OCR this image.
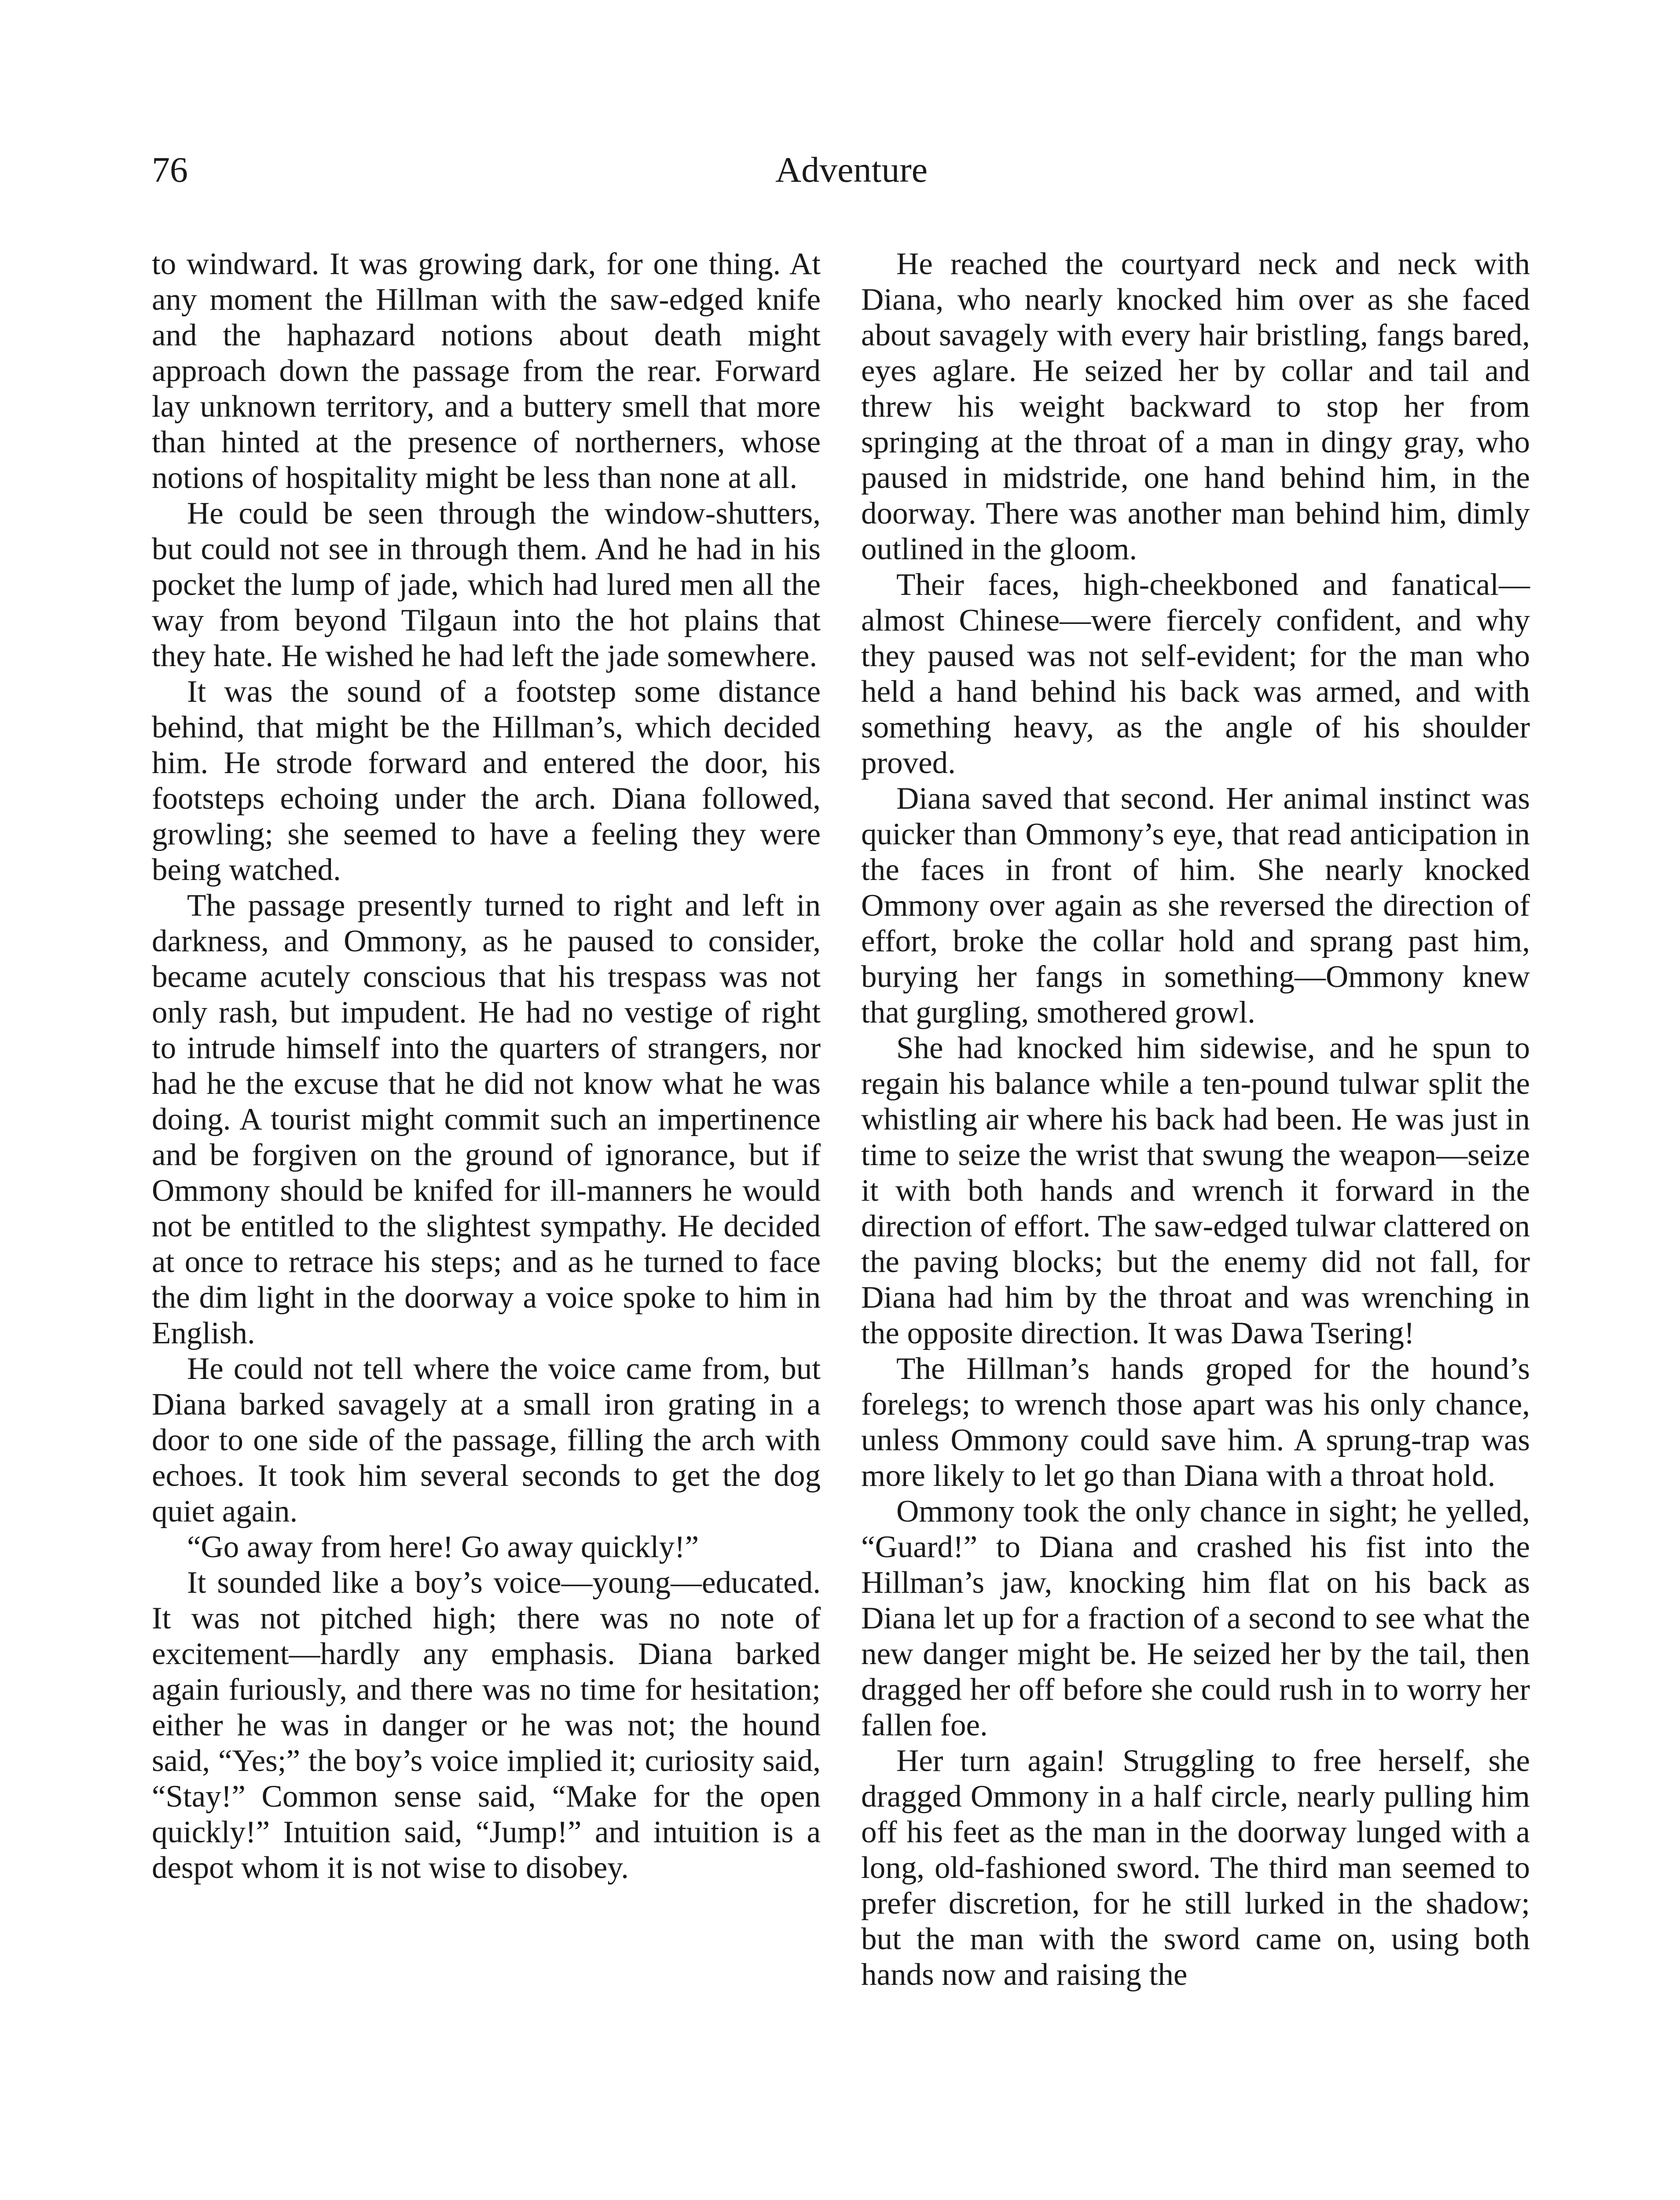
76	Adventure

to windward. It was growing dark, for one thing. At any moment the Hillman with the saw-edged knife and the haphazard notions about death might approach down the passage from the rear. Forward lay unknown territory, and a buttery smell that more than hinted at the presence of northerners, whose notions of hospitality might be less than none at all.

He could be seen through the window-shutters, but could not see in through them. And he had in his pocket the lump of jade, which had lured men all the way from beyond Tilgaun into the hot plains that they hate. He wished he had left the jade somewhere.

It was the sound of a footstep some distance behind, that might be the Hillman’s, which decided him. He strode forward and entered the door, his footsteps echoing under the arch. Diana followed, growling; she seemed to have a feeling they were being watched.

The passage presently turned to right and left in darkness, and Ommony, as he paused to consider, became acutely conscious that his trespass was not only rash, but impudent. He had no vestige of right to intrude himself into the quarters of strangers, nor had he the excuse that he did not know what he was doing. A tourist might commit such an impertinence and be forgiven on the ground of ignorance, but if Ommony should be knifed for ill-manners he would not be entitled to the slightest sympathy. He decided at once to retrace his steps; and as he turned to face the dim light in the doorway a voice spoke to him in English.

He could not tell where the voice came from, but Diana barked savagely at a small iron grating in a door to one side of the passage, filling the arch with echoes. It took him several seconds to get the dog quiet again.

“Go away from here! Go away quickly!”

It sounded like a boy’s voice—young—educated. It was not pitched high; there was no note of excitement—hardly any emphasis. Diana barked again furiously, and there was no time for hesitation; either he was in danger or he was not; the hound said, “Yes;” the boy’s voice implied it; curiosity said, “Stay!” Common sense said, “Make for the open quickly!” Intuition said, “Jump!” and intuition is a despot whom it is not wise to disobey.

He reached the courtyard neck and neck with Diana, who nearly knocked him over as she faced about savagely with every hair bristling, fangs bared, eyes aglare. He seized her by collar and tail and threw his weight backward to stop her from springing at the throat of a man in dingy gray, who paused in midstride, one hand behind him, in the doorway. There was another man behind him, dimly outlined in the gloom.

Their faces, high-cheekboned and fanatical—almost Chinese—were fiercely confident, and why they paused was not self-evident; for the man who held a hand behind his back was armed, and with something heavy, as the angle of his shoulder proved.

Diana saved that second. Her animal instinct was quicker than Ommony’s eye, that read anticipation in the faces in front of him. She nearly knocked Ommony over again as she reversed the direction of effort, broke the collar hold and sprang past him, burying her fangs in something—Ommony knew that gurgling, smothered growl.

She had knocked him sidewise, and he spun to regain his balance while a ten-pound tulwar split the whistling air where his back had been. He was just in time to seize the wrist that swung the weapon—seize it with both hands and wrench it forward in the direction of effort. The saw-edged tulwar clattered on the paving blocks; but the enemy did not fall, for Diana had him by the throat and was wrenching in the opposite direction. It was Dawa Tsering!

The Hillman’s hands groped for the hound’s forelegs; to wrench those apart was his only chance, unless Ommony could save him. A sprung-trap was more likely to let go than Diana with a throat hold.

Ommony took the only chance in sight; he yelled, “Guard!” to Diana and crashed his fist into the Hillman’s jaw, knocking him flat on his back as Diana let up for a fraction of a second to see what the new danger might be. He seized her by the tail, then dragged her off before she could rush in to worry her fallen foe.

Her turn again! Struggling to free herself, she dragged Ommony in a half circle, nearly pulling him off his feet as the man in the doorway lunged with a long, old-fashioned sword. The third man seemed to prefer discretion, for he still lurked in the shadow; but the man with the sword came on, using both hands now and raising the
